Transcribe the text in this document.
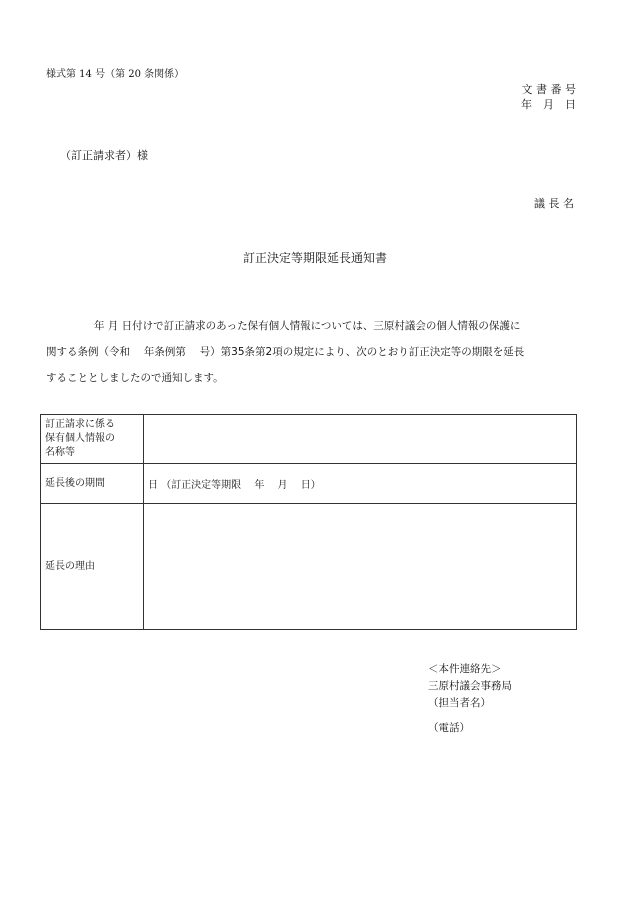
様式第 14 号（第 20 条関係）
文 書 番 号
年　月　日
（訂正請求者）様
議 長 名
訂正決定等期限延長通知書
年 月 日付けで訂正請求のあった保有個人情報については、三原村議会の個人情報の保護に
関する条例（令和　 年条例第　 号）第35条第2項の規定により、次のとおり訂正決定等の期限を延長
することとしましたので通知します。
訂正請求に係る
保有個人情報の
名称等	

延長後の期間	日 （訂正決定等期限　 年　 月　 日）

延長の理由	

＜本件連絡先＞
三原村議会事務局
（担当者名）
（電話）
